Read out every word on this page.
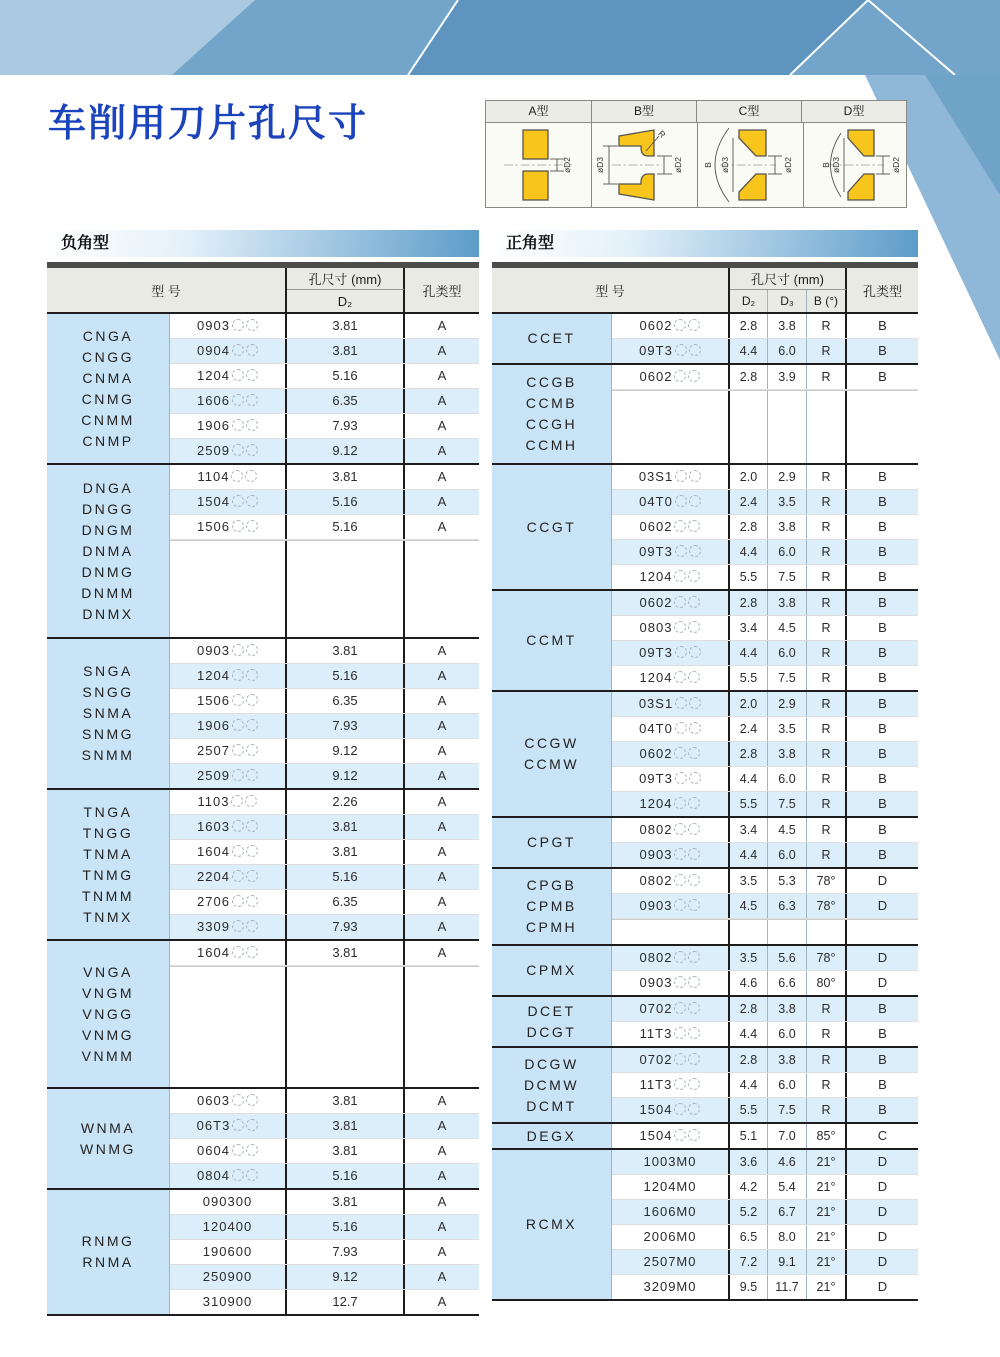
车削用刀片孔尺寸	A型	B型	C型	D型
øD2
R
øD3	øD2 B øD3	øD2	B øD3	øD2
负角型
型 号
孔尺寸 (mm)
D₂
孔类型
CNGA
CNGG
CNMA
CNMG
CNMM
CNMP
0903	3.81	A
0904	3.81	A
1204	5.16	A
1606	6.35	A
1906	7.93	A
2509	9.12	A
DNGA
DNGG
DNGM
DNMA
DNMG
DNMM
DNMX
1104	3.81	A
1504	5.16	A
1506	5.16	A
SNGA
SNGG
SNMA
SNMG
SNMM
0903	3.81	A
1204	5.16	A
1506	6.35	A
1906	7.93	A
2507	9.12	A
2509	9.12	A
TNGA
TNGG
TNMA
TNMG
TNMM
TNMX
1103	2.26	A
1603	3.81	A
1604	3.81	A
2204	5.16	A
2706	6.35	A
3309	7.93	A
VNGA
VNGM
VNGG
VNMG
VNMM
1604	3.81	A
WNMA
WNMG
0603	3.81	A
06T3	3.81	A
0604	3.81	A
0804	5.16	A
RNMG
RNMA
090300	3.81	A
120400	5.16	A
190600	7.93	A
250900	9.12	A
310900	12.7	A
正角型
型 号
孔尺寸 (mm)
D₂	D₃	B (°)
孔类型
CCET
0602	2.8	3.8	R	B
09T3	4.4	6.0	R	B
CCGB
CCMB
CCGH
CCMH
0602	2.8	3.9	R	B
CCGT
03S1	2.0	2.9	R	B
04T0	2.4	3.5	R	B
0602	2.8	3.8	R	B
09T3	4.4	6.0	R	B
1204	5.5	7.5	R	B
CCMT
0602	2.8	3.8	R	B
0803	3.4	4.5	R	B
09T3	4.4	6.0	R	B
1204	5.5	7.5	R	B
CCGW
CCMW
03S1	2.0	2.9	R	B
04T0	2.4	3.5	R	B
0602	2.8	3.8	R	B
09T3	4.4	6.0	R	B
1204	5.5	7.5	R	B
CPGT
0802	3.4	4.5	R	B
0903	4.4	6.0	R	B
CPGB
CPMB
CPMH
0802	3.5	5.3	78°	D
0903	4.5	6.3	78°	D
CPMX
0802	3.5	5.6	78°	D
0903	4.6	6.6	80°	D
DCET
DCGT
0702	2.8	3.8	R	B
11T3	4.4	6.0	R	B
DCGW
DCMW
DCMT
0702	2.8	3.8	R	B
11T3	4.4	6.0	R	B
1504	5.5	7.5	R	B
DEGX	1504	5.1	7.0	85°	C
RCMX
1003M0	3.6	4.6	21°	D
1204M0	4.2	5.4	21°	D
1606M0	5.2	6.7	21°	D
2006M0	6.5	8.0	21°	D
2507M0	7.2	9.1	21°	D
3209M0	9.5	11.7	21°	D
